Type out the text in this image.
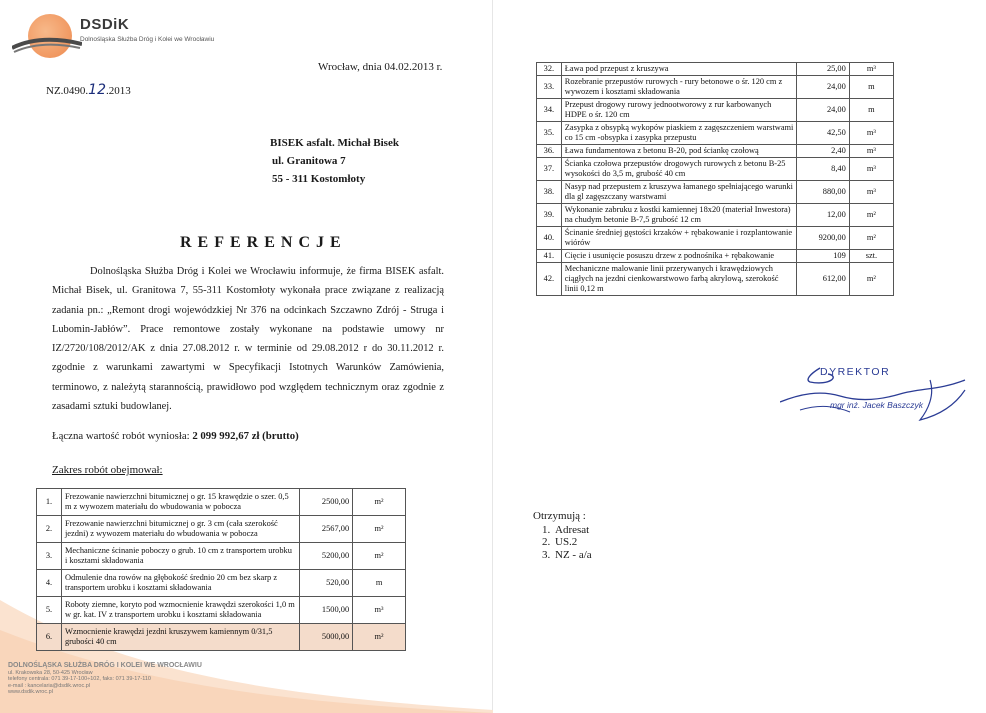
DSDiK
Dolnośląska Służba Dróg i Kolei we Wrocławiu
Wrocław, dnia 04.02.2013 r.
NZ.0490.12.2013
BISEK asfalt. Michał Bisek
ul. Granitowa 7
55 - 311 Kostomłoty
REFERENCJE
Dolnośląska Służba Dróg i Kolei we Wrocławiu informuje, że firma BISEK asfalt. Michał Bisek, ul. Granitowa 7, 55-311 Kostomłoty wykonała prace związane z realizacją zadania pn.: „Remont drogi wojewódzkiej Nr 376 na odcinkach Szczawno Zdrój - Struga i Lubomin-Jabłów”. Prace remontowe zostały wykonane na podstawie umowy nr IZ/2720/108/2012/AK z dnia 27.08.2012 r. w terminie od 29.08.2012 r do 30.11.2012 r. zgodnie z warunkami zawartymi w Specyfikacji Istotnych Warunków Zamówienia, terminowo, z należytą starannością, prawidłowo pod względem technicznym oraz zgodnie z zasadami sztuki budowlanej.
Łączna wartość robót wyniosła: 2 099 992,67 zł (brutto)
Zakres robót obejmował:
1.	Frezowanie nawierzchni bitumicznej o gr. 15 krawędzie o szer. 0,5 m z wywozem materiału do wbudowania w pobocza	2500,00	m²
2.	Frezowanie nawierzchni bitumicznej o gr. 3 cm (cała szerokość jezdni) z wywozem materiału do wbudowania w pobocza	2567,00	m²
3.	Mechaniczne ścinanie poboczy o grub. 10 cm z transportem urobku i kosztami składowania	5200,00	m²
4.	Odmulenie dna rowów na głębokość średnio 20 cm bez skarp z transportem urobku i kosztami składowania	520,00	m
5.	Roboty ziemne, koryto pod wzmocnienie krawędzi szerokości 1,0 m w gr. kat. IV z transportem urobku i kosztami składowania	1500,00	m³
6.	Wzmocnienie krawędzi jezdni kruszywem kamiennym 0/31,5 grubości 40 cm	5000,00	m²
32.	Ława pod przepust z kruszywa	25,00	m³
33.	Rozebranie przepustów rurowych - rury betonowe o śr. 120 cm z wywozem i kosztami składowania	24,00	m
34.	Przepust drogowy rurowy jednootworowy z rur karbowanych HDPE o śr. 120 cm	24,00	m
35.	Zasypka z obsypką wykopów piaskiem z zagęszczeniem warstwami co 15 cm -obsypka i zasypka przepustu	42,50	m³
36.	Ława fundamentowa z betonu B-20, pod ściankę czołową	2,40	m³
37.	Ścianka czołowa przepustów drogowych rurowych z betonu B-25 wysokości do 3,5 m, grubość 40 cm	8,40	m³
38.	Nasyp nad przepustem z kruszywa łamanego spełniającego warunki dla gl zagęszczany warstwami	880,00	m³
39.	Wykonanie zabruku z kostki kamiennej 18x20 (materiał Inwestora) na chudym betonie B-7,5 grubość 12 cm	12,00	m²
40.	Ścinanie średniej gęstości krzaków + rębakowanie i rozplantowanie wiórów	9200,00	m²
41.	Cięcie i usunięcie posuszu drzew z podnośnika + rębakowanie	109	szt.
42.	Mechaniczne malowanie linii przerywanych i krawędziowych ciągłych na jezdni cienkowarstwowo farbą akrylową, szerokość linii 0,12 m	612,00	m²
DYREKTOR
mgr inż. Jacek Baszczyk
Otrzymują :
1. Adresat
2. US.2
3. NZ - a/a
DOLNOŚLĄSKA SŁUŻBA DRÓG I KOLEI WE WROCŁAWIU
ul. Krakowska 28, 50-425 Wrocław
telefony centrala: 071 39-17-100÷102, faks: 071 39-17-110
e-mail : kancelaria@dsdik.wroc.pl
www.dsdik.wroc.pl
